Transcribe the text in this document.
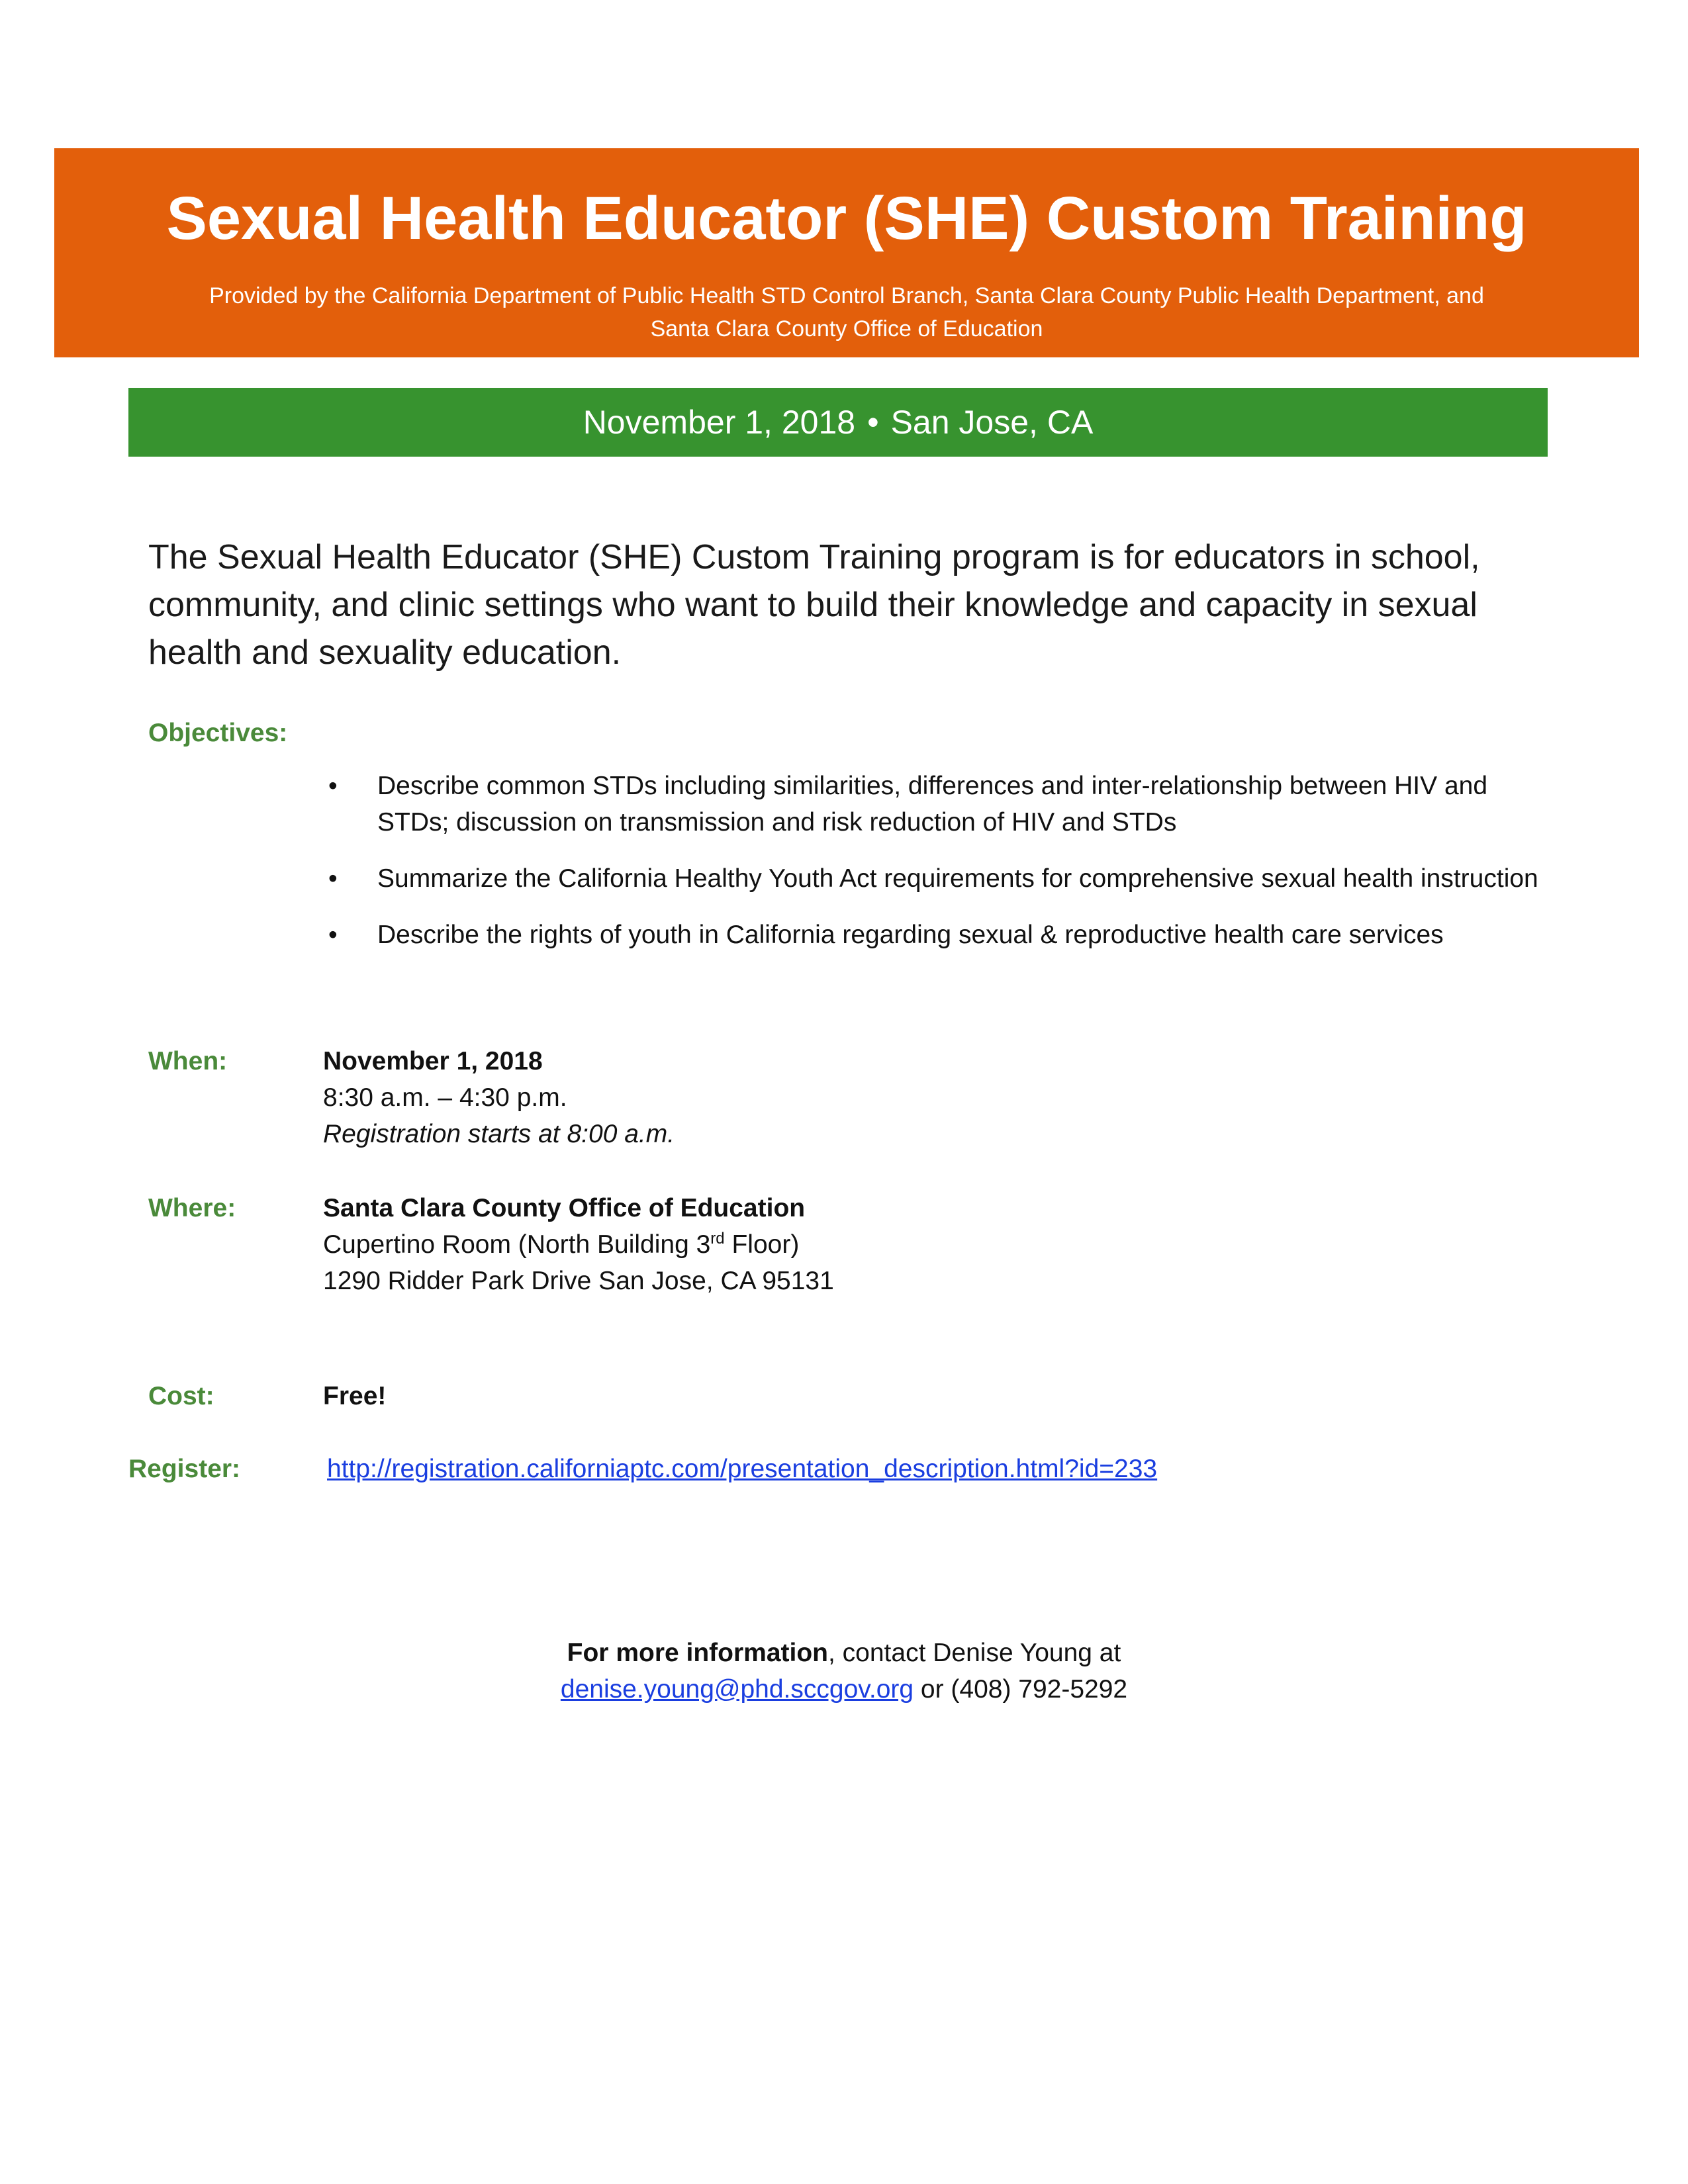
Sexual Health Educator (SHE) Custom Training
Provided by the California Department of Public Health STD Control Branch, Santa Clara County Public Health Department, and
Santa Clara County Office of Education
November 1, 2018 • San Jose, CA
The Sexual Health Educator (SHE) Custom Training program is for educators in school, community, and clinic settings who want to build their knowledge and capacity in sexual health and sexuality education.
Objectives:
• Describe common STDs including similarities, differences and inter-relationship between HIV and STDs; discussion on transmission and risk reduction of HIV and STDs
• Summarize the California Healthy Youth Act requirements for comprehensive sexual health instruction
• Describe the rights of youth in California regarding sexual & reproductive health care services
When:	November 1, 2018
8:30 a.m. – 4:30 p.m.
Registration starts at 8:00 a.m.
Where:	Santa Clara County Office of Education
Cupertino Room (North Building 3rd Floor)
1290 Ridder Park Drive San Jose, CA 95131
Cost:	Free!
Register:	http://registration.californiaptc.com/presentation_description.html?id=233
For more information, contact Denise Young at
denise.young@phd.sccgov.org or (408) 792-5292
